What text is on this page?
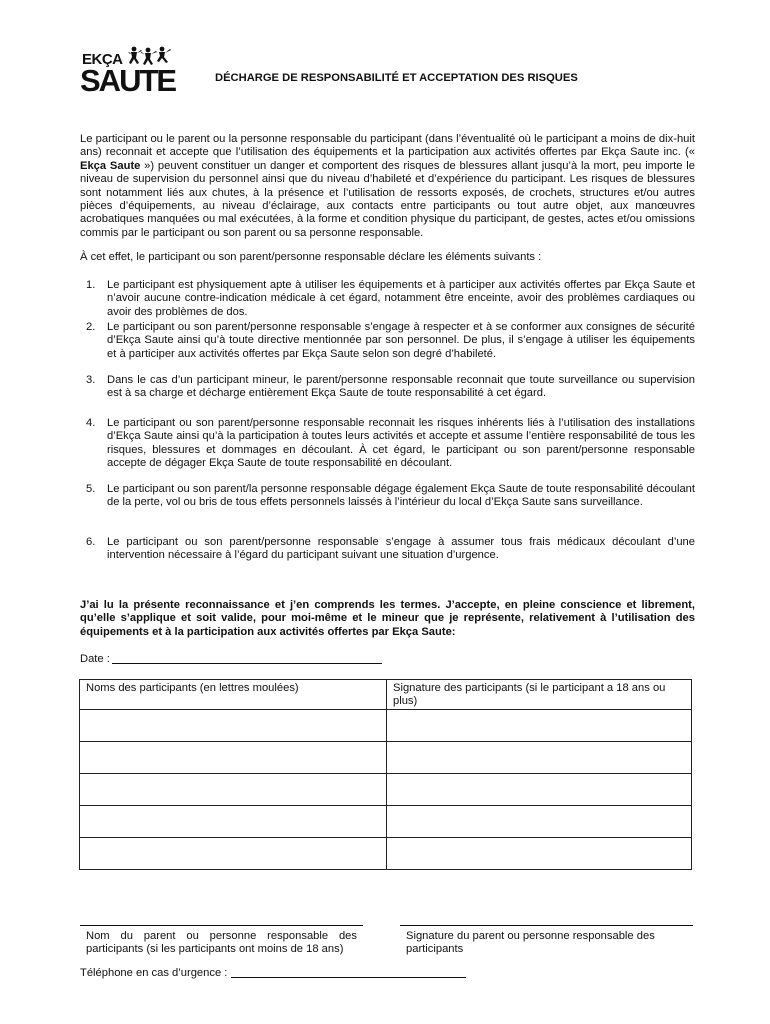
EKÇA
SAUTE	DÉCHARGE DE RESPONSABILITÉ ET ACCEPTATION DES RISQUES

Le participant ou le parent ou la personne responsable du participant (dans l’éventualité où le participant a moins de dix-huit ans) reconnait et accepte que l’utilisation des équipements et la participation aux activités offertes par Ekça Saute inc. (« Ekça Saute ») peuvent constituer un danger et comportent des risques de blessures allant jusqu’à la mort, peu importe le niveau de supervision du personnel ainsi que du niveau d’habileté et d’expérience du participant. Les risques de blessures sont notamment liés aux chutes, à la présence et l’utilisation de ressorts exposés, de crochets, structures et/ou autres pièces d’équipements, au niveau d’éclairage, aux contacts entre participants ou tout autre objet, aux manœuvres acrobatiques manquées ou mal exécutées, à la forme et condition physique du participant, de gestes, actes et/ou omissions commis par le participant ou son parent ou sa personne responsable.

À cet effet, le participant ou son parent/personne responsable déclare les éléments suivants :
1. Le participant est physiquement apte à utiliser les équipements et à participer aux activités offertes par Ekça Saute et n’avoir aucune contre-indication médicale à cet égard, notamment être enceinte, avoir des problèmes cardiaques ou avoir des problèmes de dos.
2. Le participant ou son parent/personne responsable s’engage à respecter et à se conformer aux consignes de sécurité d’Ekça Saute ainsi qu’à toute directive mentionnée par son personnel. De plus, il s’engage à utiliser les équipements et à participer aux activités offertes par Ekça Saute selon son degré d’habileté.
3. Dans le cas d’un participant mineur, le parent/personne responsable reconnait que toute surveillance ou supervision est à sa charge et décharge entièrement Ekça Saute de toute responsabilité à cet égard.
4. Le participant ou son parent/personne responsable reconnait les risques inhérents liés à l’utilisation des installations d’Ekça Saute ainsi qu’à la participation à toutes leurs activités et accepte et assume l’entière responsabilité de tous les risques, blessures et dommages en découlant. À cet égard, le participant ou son parent/personne responsable accepte de dégager Ekça Saute de toute responsabilité en découlant.
5. Le participant ou son parent/la personne responsable dégage également Ekça Saute de toute responsabilité découlant de la perte, vol ou bris de tous effets personnels laissés à l’intérieur du local d’Ekça Saute sans surveillance.
6. Le participant ou son parent/personne responsable s’engage à assumer tous frais médicaux découlant d’une intervention nécessaire à l’égard du participant suivant une situation d’urgence.
J’ai lu la présente reconnaissance et j’en comprends les termes. J’accepte, en pleine conscience et librement, qu’elle s’applique et soit valide, pour moi-même et le mineur que je représente, relativement à l’utilisation des équipements et à la participation aux activités offertes par Ekça Saute:
Date :
Noms des participants (en lettres moulées)	Signature des participants (si le participant a 18 ans ou plus)

Nom du parent ou personne responsable des participants (si les participants ont moins de 18 ans)
Signature du parent ou personne responsable des participants
Téléphone en cas d’urgence :
